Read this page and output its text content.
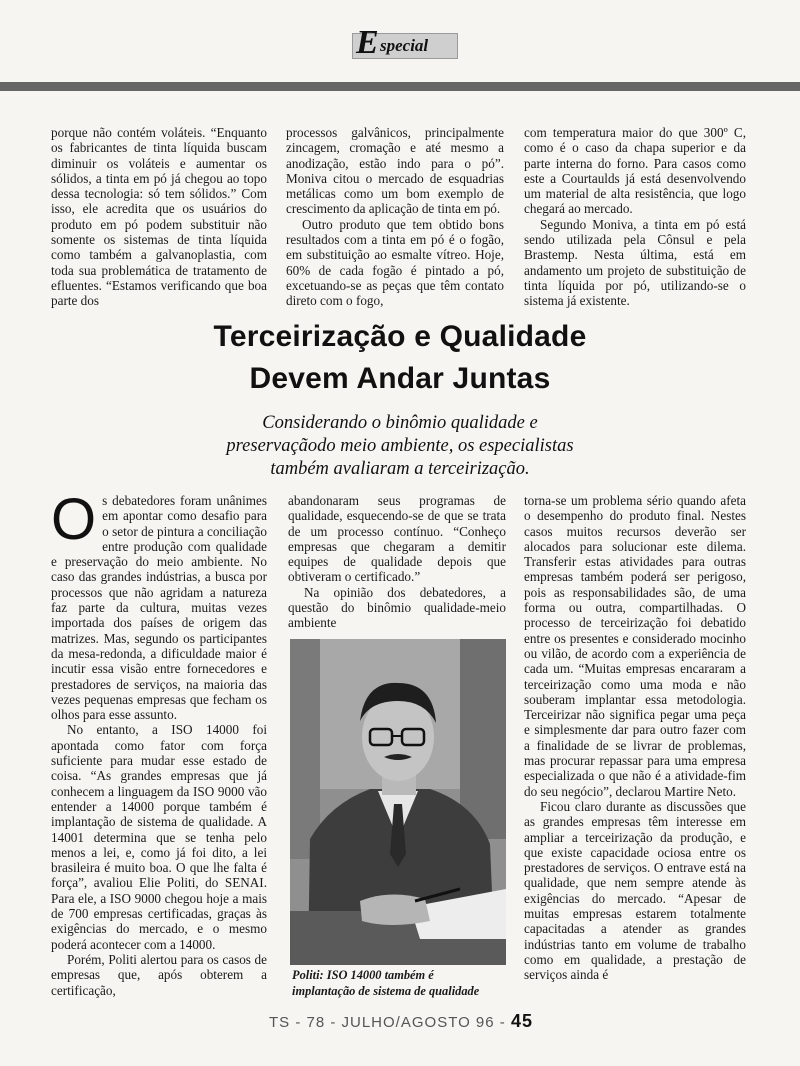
E special

porque não contém voláteis. “Enquanto os fabricantes de tinta líquida buscam diminuir os voláteis e aumentar os sólidos, a tinta em pó já chegou ao topo dessa tecnologia: só tem sólidos.” Com isso, ele acredita que os usuários do produto em pó podem substituir não somente os sistemas de tinta líquida como também a galvanoplastia, com toda sua problemática de tratamento de efluentes. “Estamos verificando que boa parte dos

processos galvânicos, principalmente zincagem, cromação e até mesmo a anodização, estão indo para o pó”. Moniva citou o mercado de esquadrias metálicas como um bom exemplo de crescimento da aplicação de tinta em pó.

Outro produto que tem obtido bons resultados com a tinta em pó é o fogão, em substituição ao esmalte vítreo. Hoje, 60% de cada fogão é pintado a pó, excetuando-se as peças que têm contato direto com o fogo,

com temperatura maior do que 300º C, como é o caso da chapa superior e da parte interna do forno. Para casos como este a Courtaulds já está desenvolvendo um material de alta resistência, que logo chegará ao mercado.

Segundo Moniva, a tinta em pó está sendo utilizada pela Cônsul e pela Brastemp. Nesta última, está em andamento um projeto de substituição de tinta líquida por pó, utilizando-se o sistema já existente.

Terceirização e Qualidade
Devem Andar Juntas
Considerando o binômio qualidade e
preservaçãodo meio ambiente, os especialistas
também avaliaram a terceirização.

Os debatedores foram unânimes em apontar como desafio para o setor de pintura a conciliação entre produção com qualidade e preservação do meio ambiente. No caso das grandes indústrias, a busca por processos que não agridam a natureza faz parte da cultura, muitas vezes importada dos países de origem das matrizes. Mas, segundo os participantes da mesa-redonda, a dificuldade maior é incutir essa visão entre fornecedores e prestadores de serviços, na maioria das vezes pequenas empresas que fecham os olhos para esse assunto.

No entanto, a ISO 14000 foi apontada como fator com força suficiente para mudar esse estado de coisa. “As grandes empresas que já conhecem a linguagem da ISO 9000 vão entender a 14000 porque também é implantação de sistema de qualidade. A 14001 determina que se tenha pelo menos a lei, e, como já foi dito, a lei brasileira é muito boa. O que lhe falta é força”, avaliou Elie Politi, do SENAI. Para ele, a ISO 9000 chegou hoje a mais de 700 empresas certificadas, graças às exigências do mercado, e o mesmo poderá acontecer com a 14000.

Porém, Politi alertou para os casos de empresas que, após obterem a certificação,

abandonaram seus programas de qualidade, esquecendo-se de que se trata de um processo contínuo. “Conheço empresas que chegaram a demitir equipes de qualidade depois que obtiveram o certificado.”

Na opinião dos debatedores, a questão do binômio qualidade-meio ambiente

torna-se um problema sério quando afeta o desempenho do produto final. Nestes casos muitos recursos deverão ser alocados para solucionar este dilema. Transferir estas atividades para outras empresas também poderá ser perigoso, pois as responsabilidades são, de uma forma ou outra, compartilhadas. O processo de terceirização foi debatido entre os presentes e considerado mocinho ou vilão, de acordo com a experiência de cada um. “Muitas empresas encararam a terceirização como uma moda e não souberam implantar essa metodologia. Terceirizar não significa pegar uma peça e simplesmente dar para outro fazer com a finalidade de se livrar de problemas, mas procurar repassar para uma empresa especializada o que não é a atividade-fim do seu negócio”, declarou Martire Neto.

Ficou claro durante as discussões que as grandes empresas têm interesse em ampliar a terceirização da produção, e que existe capacidade ociosa entre os prestadores de serviços. O entrave está na qualidade, que nem sempre atende às exigências do mercado. “Apesar de muitas empresas estarem totalmente capacitadas a atender as grandes indústrias tanto em volume de trabalho como em qualidade, a prestação de serviços ainda é

Politi: ISO 14000 também é
implantação de sistema de qualidade
TS - 78 - JULHO/AGOSTO 96 - 45
